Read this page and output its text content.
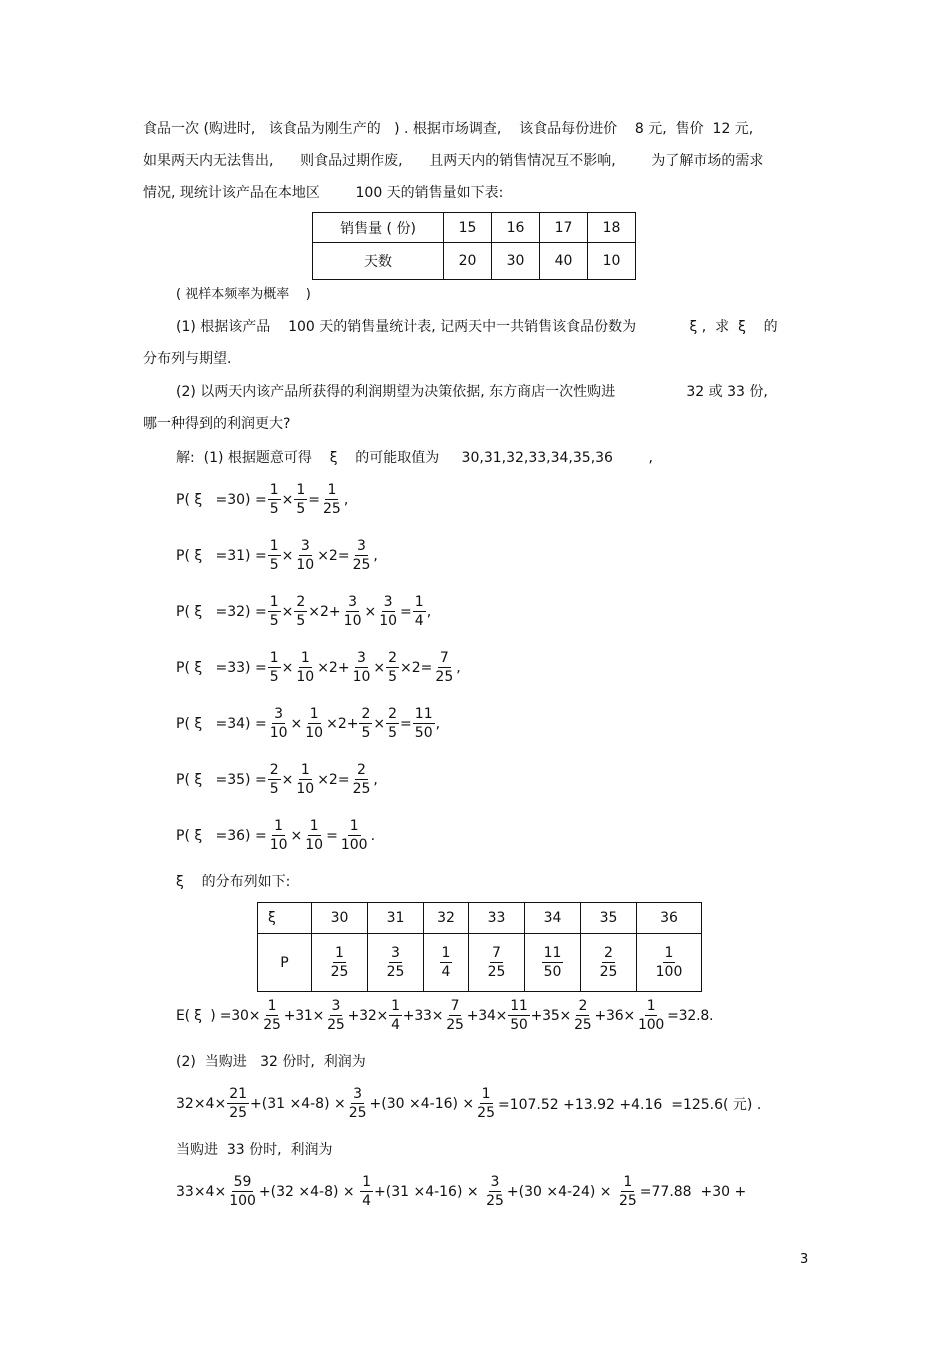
食品一次 (购进时,   该食品为刚生产的   ) . 根据市场调查,    该食品每份进价    8 元,  售价  12 元,
如果两天内无法售出,      则食品过期作废,      且两天内的销售情况互不影响,        为了解市场的需求
情况, 现统计该产品在本地区        100 天的销售量如下表:
销售量 ( 份)	15	16	17	18
天数	20	30	40	10
( 视样本频率为概率    )
(1) 根据该产品    100 天的销售量统计表, 记两天中一共销售该食品份数为            ξ ,  求  ξ    的
分布列与期望.
(2) 以两天内该产品所获得的利润期望为决策依据, 东方商店一次性购进                32 或 33 份,
哪一种得到的利润更大?
解:  (1) 根据题意可得    ξ    的可能取值为     30,31,32,33,34,35,36        ,
P( $\xi =30) = \frac{1}{5} \times \frac{1}{5} = \frac{1}{25}$ ,
P( $\xi =31) = \frac{1}{5} \times \frac{3}{10} \times 2= \frac{3}{25}$ ,
P( $\xi =32) = \frac{1}{5} \times \frac{2}{5} \times 2+ \frac{3}{10} \times \frac{3}{10} = \frac{1}{4}$ ,
P( $\xi =33) = \frac{1}{5} \times \frac{1}{10} \times 2+ \frac{3}{10} \times \frac{2}{5} \times 2= \frac{7}{25}$ ,
P( $\xi =34) = \frac{3}{10} \times \frac{1}{10} \times 2+ \frac{2}{5} \times \frac{2}{5} = \frac{11}{50}$ ,
P( $\xi =35) = \frac{2}{5} \times \frac{1}{10} \times 2= \frac{2}{25}$ ,
P( $\xi =36) = \frac{1}{10} \times \frac{1}{10} = \frac{1}{100}$ .
ξ    的分布列如下:
ξ	30	31	32	33	34	35	36
P	$\frac{1}{25}$	$\frac{3}{25}$	$\frac{1}{4}$	$\frac{7}{25}$	$\frac{11}{50}$	$\frac{2}{25}$	$\frac{1}{100}$
E( ξ  ) $=30\times \frac{1}{25} +31\times \frac{3}{25} +32\times \frac{1}{4} +33\times \frac{7}{25} +34\times \frac{11}{50} +35\times \frac{2}{25} +36\times \frac{1}{100} =32.8$.
(2)  当购进   32 份时,  利润为
$32\times 4\times \frac{21}{25} +(31 \times 4-8) \times \frac{3}{25} +(30 \times 4-16) \times \frac{1}{25} =107.52 +13.92 +4.16 =125.6$( 元) .
当购进  33 份时,  利润为
$33\times 4\times \frac{59}{100} +(32 \times 4-8) \times \frac{1}{4} +(31 \times 4-16) \times \frac{3}{25} +(30 \times 4-24) \times \frac{1}{25} =77.88 +30$ +
3
